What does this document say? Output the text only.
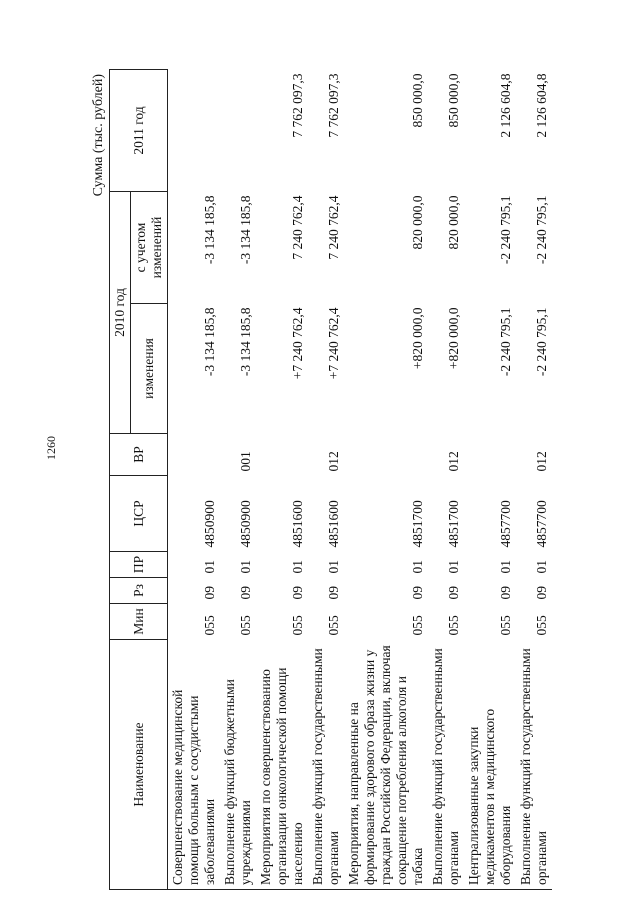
1260
Сумма (тыс. рублей)
Наименование	Мин	Рз	ПР	ЦСР	ВР	2010 год		2011 год
						изменения	с учетом изменений	
Совершенствование медицинской помощи больным с сосудистыми заболеваниями	055	09	01	4850900		-3 134 185,8	-3 134 185,8	
Выполнение функций бюджетными учреждениями	055	09	01	4850900	001	-3 134 185,8	-3 134 185,8	
Мероприятия по совершенствованию организации онкологической помощи населению	055	09	01	4851600		+7 240 762,4	7 240 762,4	7 762 097,3
Выполнение функций государственными органами	055	09	01	4851600	012	+7 240 762,4	7 240 762,4	7 762 097,3
Мероприятия, направленные на формирование здорового образа жизни у граждан Российской Федерации, включая сокращение потребления алкоголя и табака	055	09	01	4851700		+820 000,0	820 000,0	850 000,0
Выполнение функций государственными органами	055	09	01	4851700	012	+820 000,0	820 000,0	850 000,0
Централизованные закупки медикаментов и медицинского оборудования	055	09	01	4857700		-2 240 795,1	-2 240 795,1	2 126 604,8
Выполнение функций государственными органами	055	09	01	4857700	012	-2 240 795,1	-2 240 795,1	2 126 604,8
